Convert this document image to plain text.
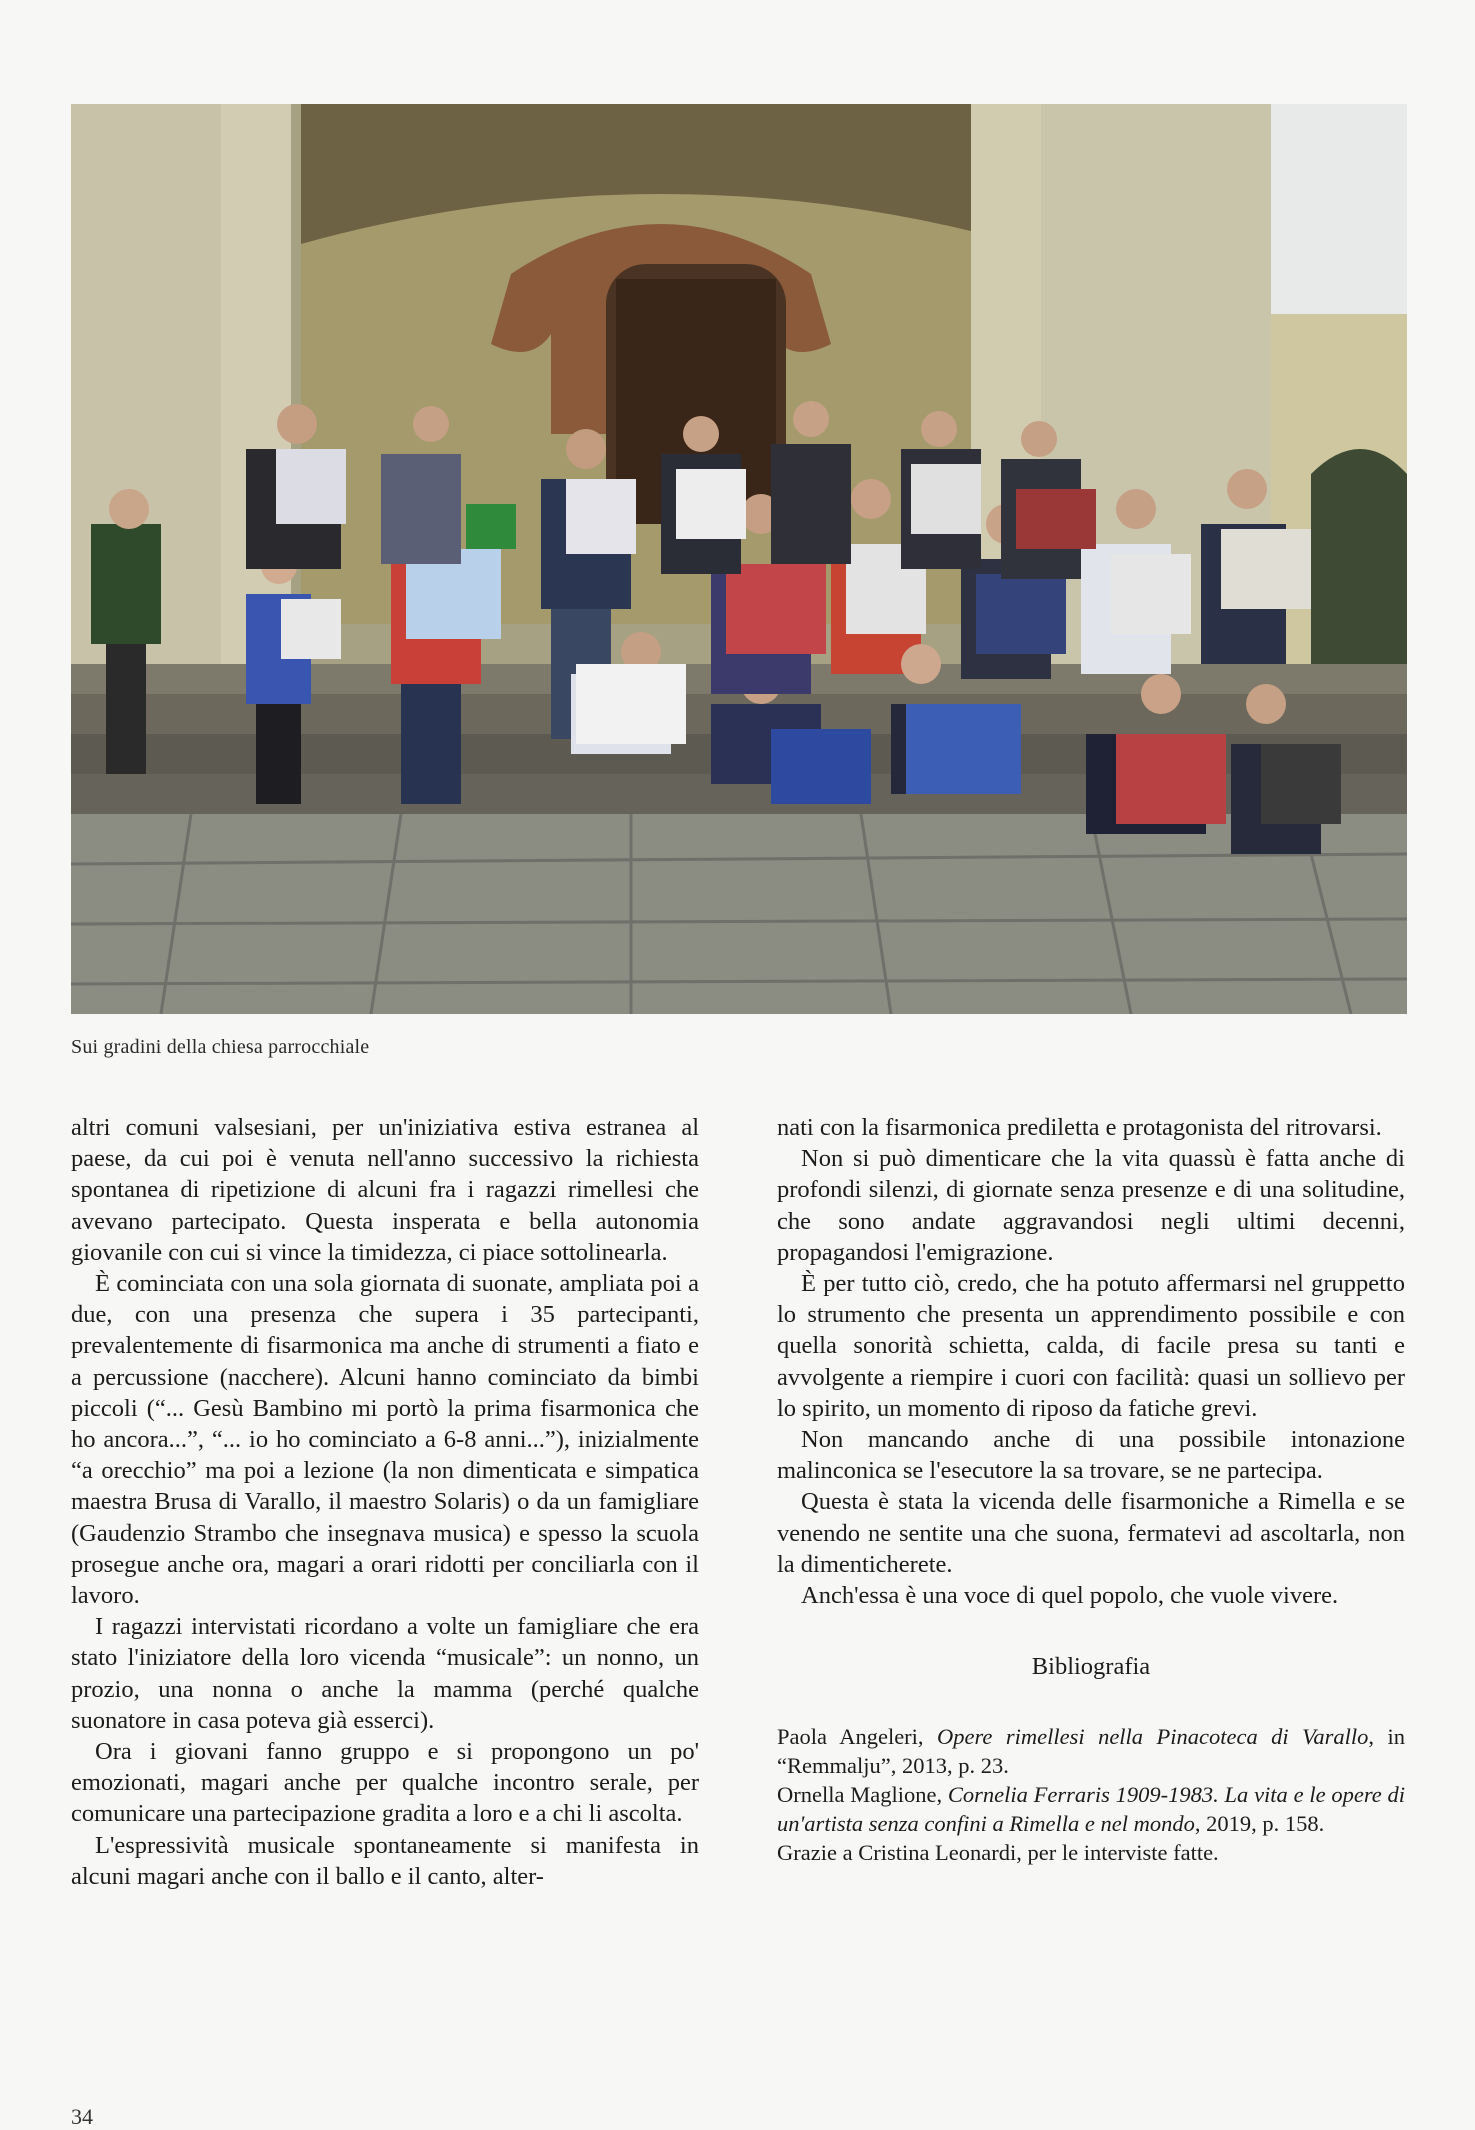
Sui gradini della chiesa parrocchiale

altri comuni valsesiani, per un'iniziativa estiva estranea al paese, da cui poi è venuta nell'anno successivo la richiesta spontanea di ripetizione di alcuni fra i ragazzi rimellesi che avevano partecipato. Questa insperata e bella autonomia giovanile con cui si vince la timidezza, ci piace sottolinearla.

È cominciata con una sola giornata di suonate, ampliata poi a due, con una presenza che supera i 35 partecipanti, prevalentemente di fisarmonica ma anche di strumenti a fiato e a percussione (nacchere). Alcuni hanno cominciato da bimbi piccoli (“... Gesù Bambino mi portò la prima fisarmonica che ho ancora...”, “... io ho cominciato a 6-8 anni...”), inizialmente “a orecchio” ma poi a lezione (la non dimenticata e simpatica maestra Brusa di Varallo, il maestro Solaris) o da un famigliare (Gaudenzio Strambo che insegnava musica) e spesso la scuola prosegue anche ora, magari a orari ridotti per conciliarla con il lavoro.

I ragazzi intervistati ricordano a volte un famigliare che era stato l'iniziatore della loro vicenda “musicale”: un nonno, un prozio, una nonna o anche la mamma (perché qualche suonatore in casa poteva già esserci).

Ora i giovani fanno gruppo e si propongono un po' emozionati, magari anche per qualche incontro serale, per comunicare una partecipazione gradita a loro e a chi li ascolta.

L'espressività musicale spontaneamente si manifesta in alcuni magari anche con il ballo e il canto, alter-

nati con la fisarmonica prediletta e protagonista del ritrovarsi.

Non si può dimenticare che la vita quassù è fatta anche di profondi silenzi, di giornate senza presenze e di una solitudine, che sono andate aggravandosi negli ultimi decenni, propagandosi l'emigrazione.

È per tutto ciò, credo, che ha potuto affermarsi nel gruppetto lo strumento che presenta un apprendimento possibile e con quella sonorità schietta, calda, di facile presa su tanti e avvolgente a riempire i cuori con facilità: quasi un sollievo per lo spirito, un momento di riposo da fatiche grevi.

Non mancando anche di una possibile intonazione malinconica se l'esecutore la sa trovare, se ne partecipa.

Questa è stata la vicenda delle fisarmoniche a Rimella e se venendo ne sentite una che suona, fermatevi ad ascoltarla, non la dimenticherete.

Anch'essa è una voce di quel popolo, che vuole vivere.

Bibliografia

Paola Angeleri, Opere rimellesi nella Pinacoteca di Varallo, in “Remmalju”, 2013, p. 23.

Ornella Maglione, Cornelia Ferraris 1909-1983. La vita e le opere di un'artista senza confini a Rimella e nel mondo, 2019, p. 158.

Grazie a Cristina Leonardi, per le interviste fatte.

34
